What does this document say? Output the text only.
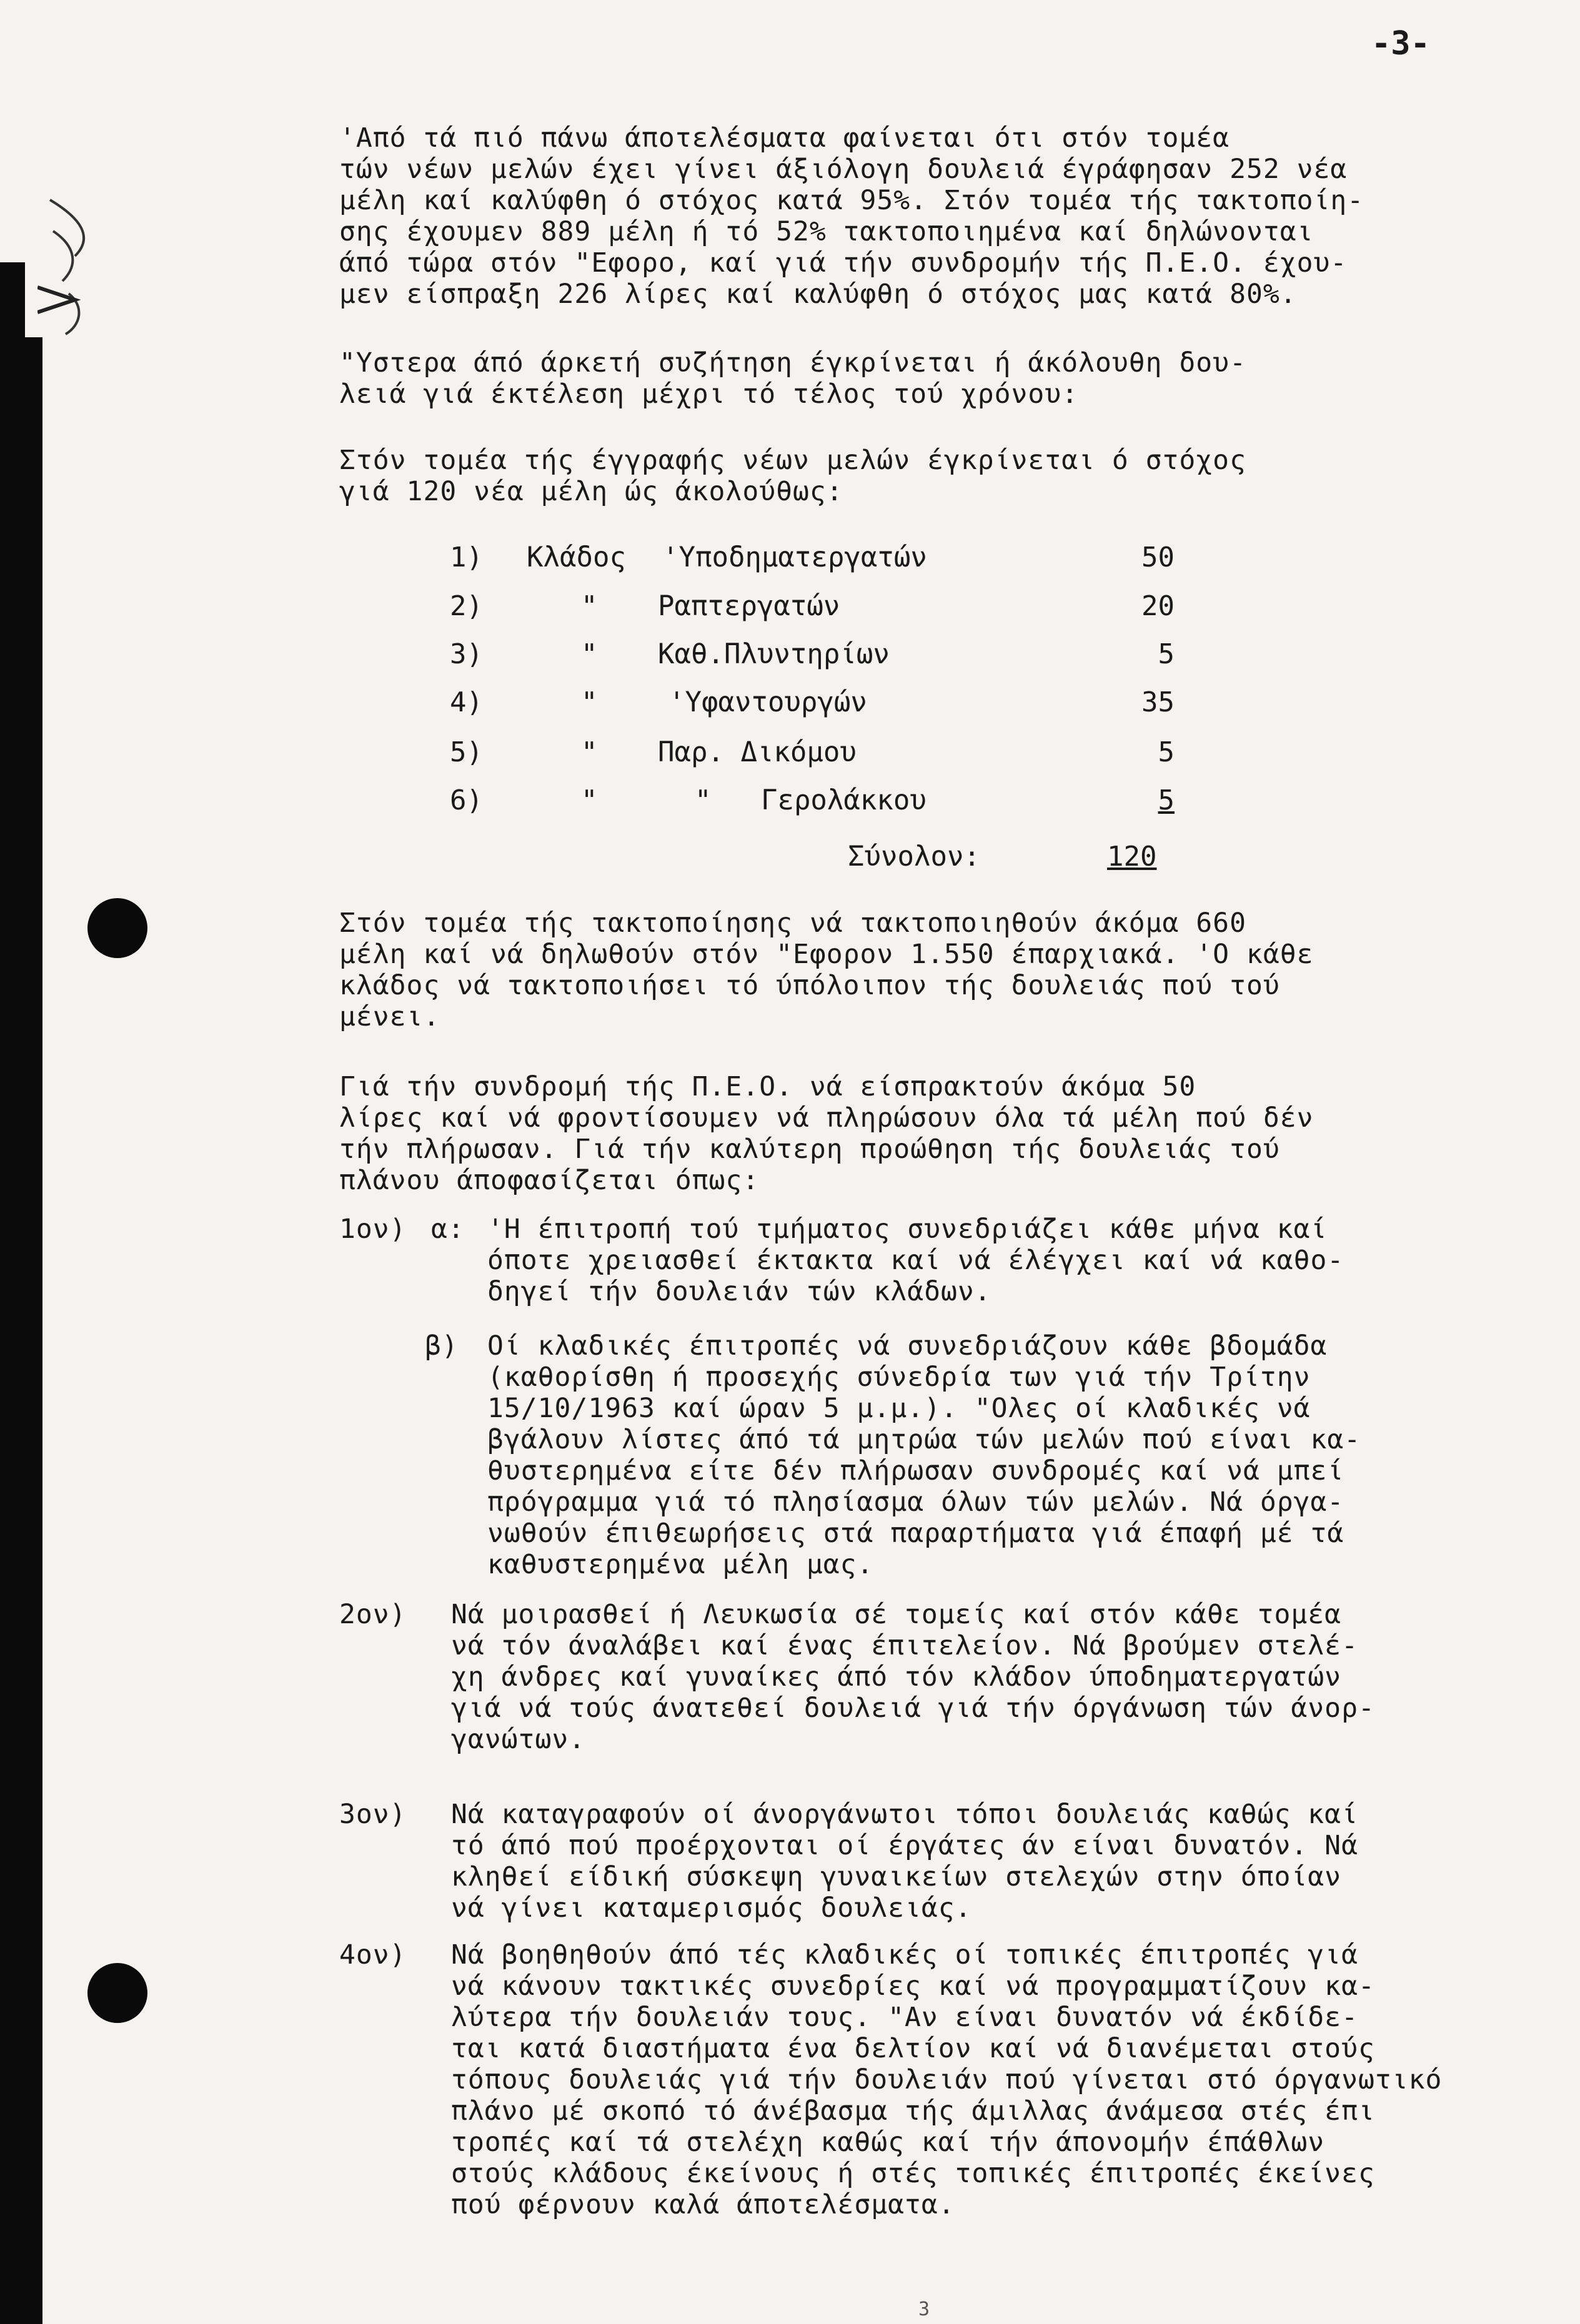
-3-
'Από τά πιό πάνω άποτελέσματα φαίνεται ότι στόν τομέα
τών νέων μελών έχει γίνει άξιόλογη δουλειά έγράφησαν 252 νέα
μέλη καί καλύφθη ό στόχος κατά 95%. Στόν τομέα τής τακτοποίη-
σης έχουμεν 889 μέλη ή τό 52% τακτοποιημένα καί δηλώνονται
άπό τώρα στόν "Εφορο, καί γιά τήν συνδρομήν τής Π.Ε.Ο. έχου-
μεν είσπραξη 226 λίρες καί καλύφθη ό στόχος μας κατά 80%.
"Υστερα άπό άρκετή συζήτηση έγκρίνεται ή άκόλουθη δου-
λειά γιά έκτέλεση μέχρι τό τέλος τού χρόνου:
Στόν τομέα τής έγγραφής νέων μελών έγκρίνεται ό στόχος
γιά 120 νέα μέλη ώς άκολούθως:
1) Κλάδος 'Υποδηματεργατών	50
2)	" Ραπτεργατών	20
3)	" Καθ.Πλυντηρίων	5
4)	"	'Υφαντουργών	35
5)	" Παρ. Δικόμου	5
6)	"	"   Γερολάκκου	5
Σύνολον:	120
Στόν τομέα τής τακτοποίησης νά τακτοποιηθούν άκόμα 660
μέλη καί νά δηλωθούν στόν "Εφορον 1.550 έπαρχιακά. 'Ο κάθε
κλάδος νά τακτοποιήσει τό ύπόλοιπον τής δουλειάς πού τού
μένει.
Γιά τήν συνδρομή τής Π.Ε.Ο. νά είσπρακτούν άκόμα 50
λίρες καί νά φροντίσουμεν νά πληρώσουν όλα τά μέλη πού δέν
τήν πλήρωσαν. Γιά τήν καλύτερη προώθηση τής δουλειάς τού
πλάνου άποφασίζεται όπως:
1ον) α: 'Η έπιτροπή τού τμήματος συνεδριάζει κάθε μήνα καί
όποτε χρειασθεί έκτακτα καί νά έλέγχει καί νά καθο-
δηγεί τήν δουλειάν τών κλάδων.
β) Οί κλαδικές έπιτροπές νά συνεδριάζουν κάθε βδομάδα
(καθορίσθη ή προσεχής σύνεδρία των γιά τήν Τρίτην
15/10/1963 καί ώραν 5 μ.μ.). "Ολες οί κλαδικές νά
βγάλουν λίστες άπό τά μητρώα τών μελών πού είναι κα-
θυστερημένα είτε δέν πλήρωσαν συνδρομές καί νά μπεί
πρόγραμμα γιά τό πλησίασμα όλων τών μελών. Νά όργα-
νωθούν έπιθεωρήσεις στά παραρτήματα γιά έπαφή μέ τά
καθυστερημένα μέλη μας.
2ον) Νά μοιρασθεί ή Λευκωσία σέ τομείς καί στόν κάθε τομέα
νά τόν άναλάβει καί ένας έπιτελείον. Νά βρούμεν στελέ-
χη άνδρες καί γυναίκες άπό τόν κλάδον ύποδηματεργατών
γιά νά τούς άνατεθεί δουλειά γιά τήν όργάνωση τών άνορ-
γανώτων.
3ον) Νά καταγραφούν οί άνοργάνωτοι τόποι δουλειάς καθώς καί
τό άπό πού προέρχονται οί έργάτες άν είναι δυνατόν. Νά
κληθεί είδική σύσκεψη γυναικείων στελεχών στην όποίαν
νά γίνει καταμερισμός δουλειάς.
4ον) Νά βοηθηθούν άπό τές κλαδικές οί τοπικές έπιτροπές γιά
νά κάνουν τακτικές συνεδρίες καί νά προγραμματίζουν κα-
λύτερα τήν δουλειάν τους. "Αν είναι δυνατόν νά έκδίδε-
ται κατά διαστήματα ένα δελτίον καί νά διανέμεται στούς
τόπους δουλειάς γιά τήν δουλειάν πού γίνεται στό όργανωτικό
πλάνο μέ σκοπό τό άνέβασμα τής άμιλλας άνάμεσα στές έπι
τροπές καί τά στελέχη καθώς καί τήν άπονομήν έπάθλων
στούς κλάδους έκείνους ή στές τοπικές έπιτροπές έκείνες
πού φέρνουν καλά άποτελέσματα.
3
